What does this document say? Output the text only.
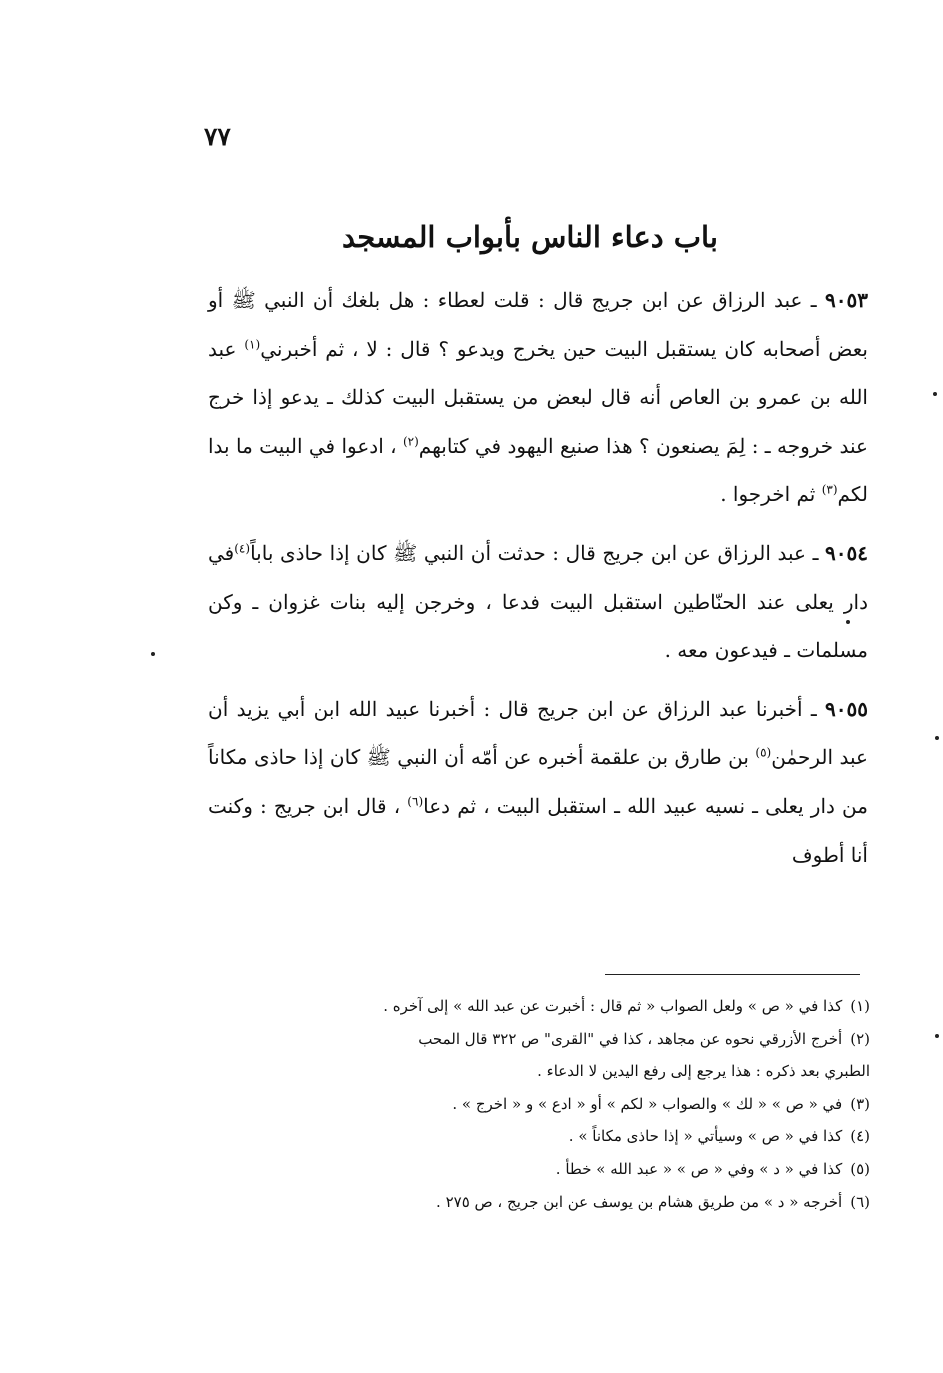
٧٧
باب دعاء الناس بأبواب المسجد

٩٠٥٣ ـ عبد الرزاق عن ابن جريج قال : قلت لعطاء : هل بلغك أن النبي ﷺ أو بعض أصحابه كان يستقبل البيت حين يخرج ويدعو ؟ قال : لا ، ثم أخبرني$^{(١)}$ عبد الله بن عمرو بن العاص أنه قال لبعض من يستقبل البيت كذلك ـ يدعو إذا خرج عند خروجه ـ : لِمَ يصنعون ؟ هذا صنيع اليهود في كتابهم$^{(٢)}$ ، ادعوا في البيت ما بدا لكم$^{(٣)}$ ثم اخرجوا .

٩٠٥٤ ـ عبد الرزاق عن ابن جريج قال : حدثت أن النبي ﷺ كان إذا حاذى باباً$^{(٤)}$في دار يعلى عند الحنّاطين استقبل البيت فدعا ، وخرجن إليه بنات غزوان ـ وكن مسلمات ـ فيدعون معه .

٩٠٥٥ ـ أخبرنا عبد الرزاق عن ابن جريج قال : أخبرنا عبيد الله ابن أبي يزيد أن عبد الرحمٰن$^{(٥)}$ بن طارق بن علقمة أخبره عن أمّه أن النبي ﷺ كان إذا حاذى مكاناً من دار يعلى ـ نسيه عبيد الله ـ استقبل البيت ، ثم دعا$^{(٦)}$ ، قال ابن جريج : وكنت أنا أطوف

(١)كذا في « ص » ولعل الصواب « ثم قال : أخبرت عن عبد الله » إلى آخره .
(٢)أخرج الأزرقي نحوه عن مجاهد ، كذا في "القرى" ص ٣٢٢ قال المحب
الطبري بعد ذكره : هذا يرجع إلى رفع اليدين لا الدعاء .
(٣)في « ص » « لك » والصواب « لكم » أو « ادع » و « اخرج » .
(٤)كذا في « ص » وسيأتي « إذا حاذى مكاناً » .
(٥)كذا في « د » وفي « ص » « عبد الله » خطأ .
(٦)أخرجه « د » من طريق هشام بن يوسف عن ابن جريج ، ص ٢٧٥ .
